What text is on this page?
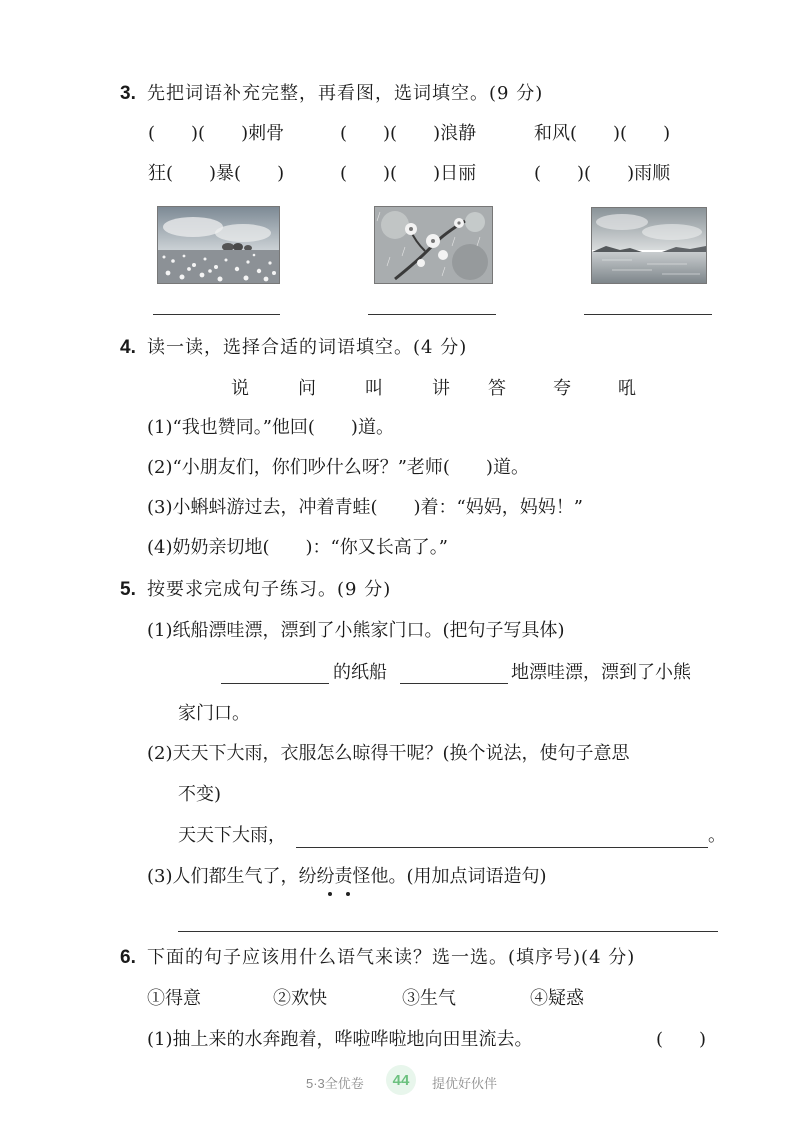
3. 先把词语补充完整，再看图，选词填空。(9 分)
(　　)(　　)刺骨	(　　)(　　)浪静	和风(　　)(　　)
狂(　　)暴(　　)	(　　)(　　)日丽	(　　)(　　)雨顺
4. 读一读，选择合适的词语填空。(4 分)
说	问	叫	讲 答	夸	吼
(1)“我也赞同。”他回(　　)道。
(2)“小朋友们，你们吵什么呀？”老师(　　)道。
(3)小蝌蚪游过去，冲着青蛙(　　)着：“妈妈，妈妈！”
(4)奶奶亲切地(　　)：“你又长高了。”
5. 按要求完成句子练习。(9 分)
(1)纸船漂哇漂，漂到了小熊家门口。(把句子写具体)
的纸船	地漂哇漂，漂到了小熊
家门口。
(2)天天下大雨，衣服怎么晾得干呢？(换个说法，使句子意思
不变)
天天下大雨，	。
(3)人们都生气了，纷纷责怪他。(用加点词语造句)
6. 下面的句子应该用什么语气来读？选一选。(填序号)(4 分)
①得意	②欢快	③生气	④疑惑
(1)抽上来的水奔跑着，哗啦哗啦地向田里流去。	(　　)
5·3全优卷	44	提优好伙伴
